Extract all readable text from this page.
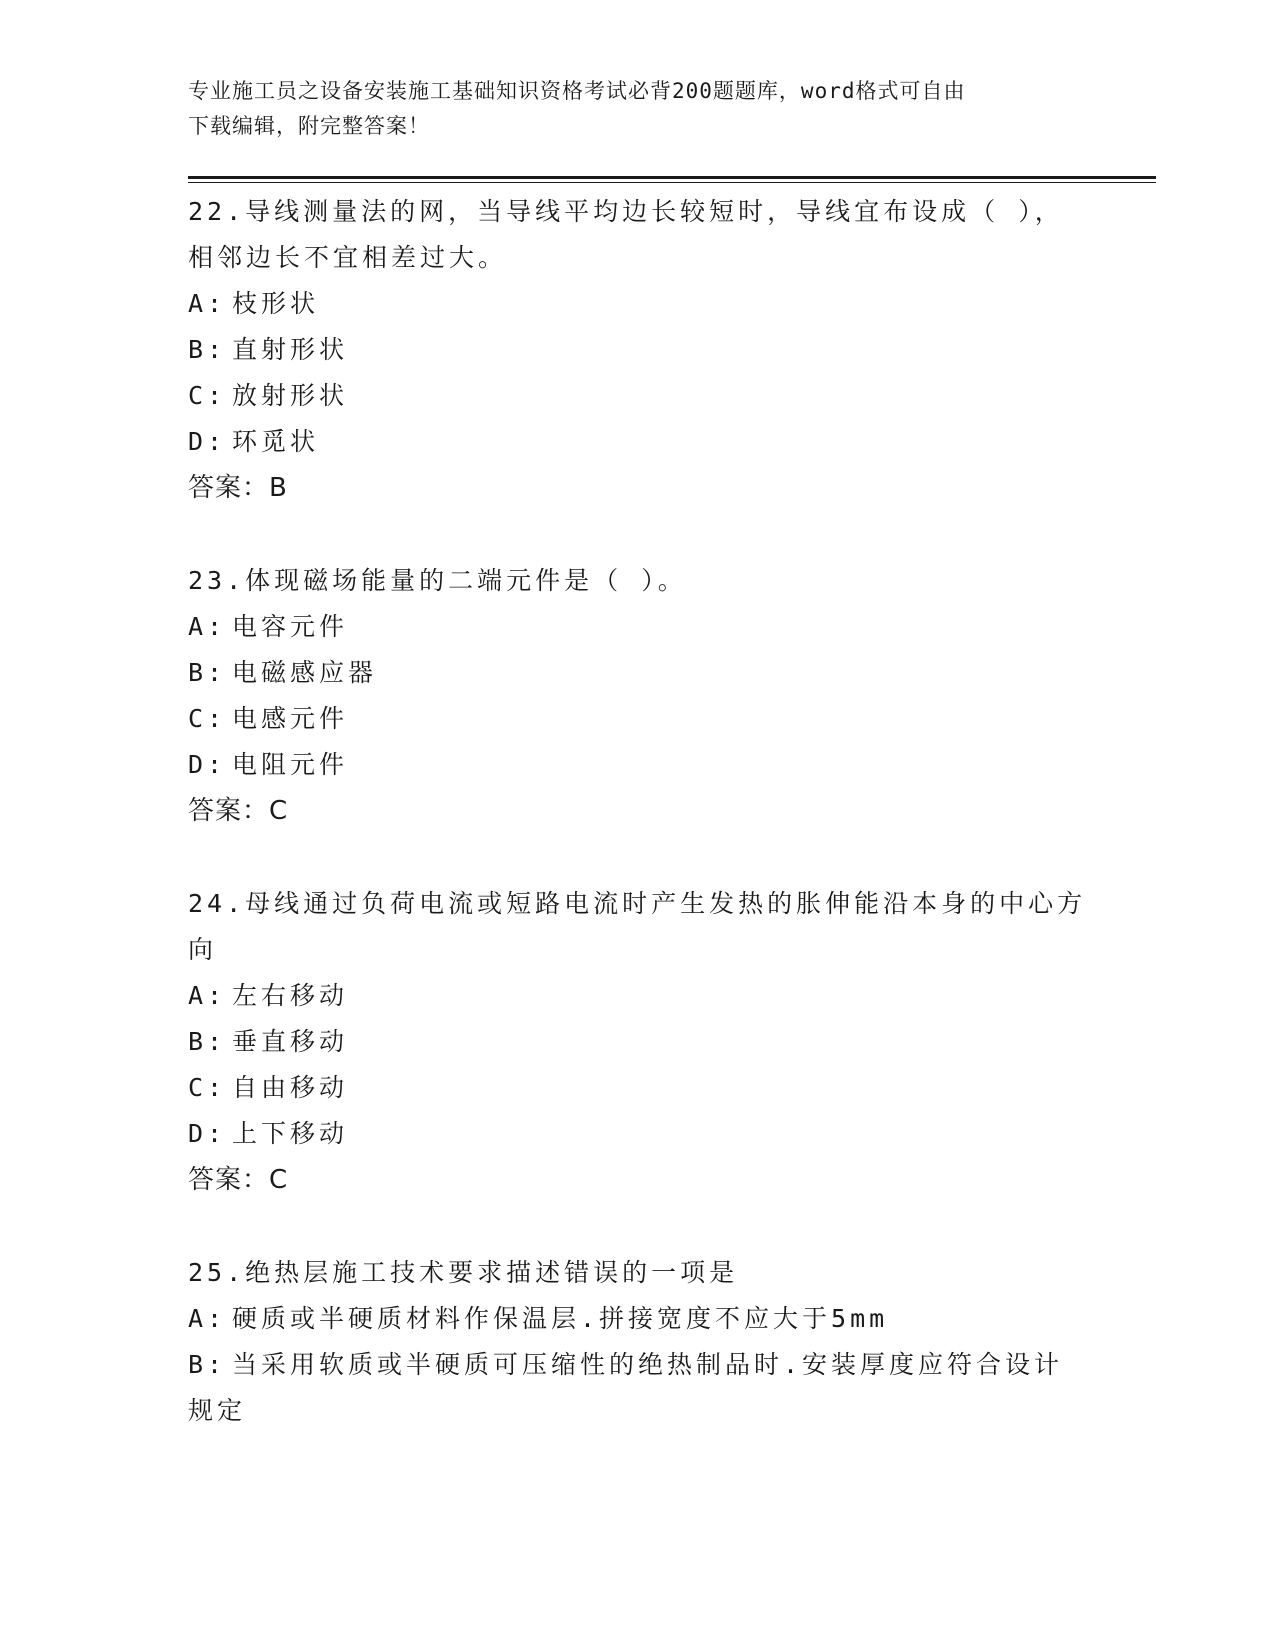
专业施工员之设备安装施工基础知识资格考试必背200题题库，word格式可自由
下载编辑，附完整答案！
22.导线测量法的网，当导线平均边长较短时，导线宜布设成（ ），相邻边长不宜相差过大。
A: 枝形状
B: 直射形状
C: 放射形状
D: 环觅状
答案：B
23.体现磁场能量的二端元件是（ ）。
A: 电容元件
B: 电磁感应器
C: 电感元件
D: 电阻元件
答案：C
24.母线通过负荷电流或短路电流时产生发热的胀伸能沿本身的中心方向
A: 左右移动
B: 垂直移动
C: 自由移动
D: 上下移动
答案：C
25.绝热层施工技术要求描述错误的一项是
A: 硬质或半硬质材料作保温层.拼接宽度不应大于5mm
B: 当采用软质或半硬质可压缩性的绝热制品时.安装厚度应符合设计规定
